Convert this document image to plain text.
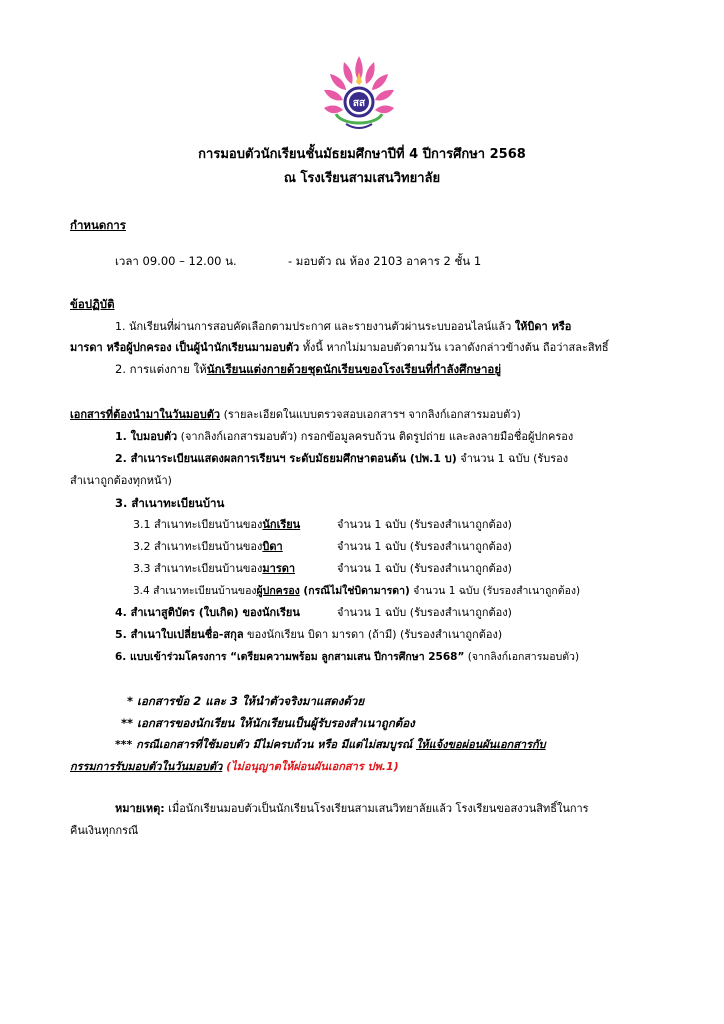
สส
การมอบตัวนักเรียนชั้นมัธยมศึกษาปีที่ 4 ปีการศึกษา 2568
ณ โรงเรียนสามเสนวิทยาลัย
กำหนดการ
เวลา 09.00 – 12.00 น.	- มอบตัว ณ ห้อง 2103 อาคาร 2 ชั้น 1
ข้อปฏิบัติ
1. นักเรียนที่ผ่านการสอบคัดเลือกตามประกาศ และรายงานตัวผ่านระบบออนไลน์แล้ว ให้บิดา หรือ
มารดา หรือผู้ปกครอง เป็นผู้นำนักเรียนมามอบตัว ทั้งนี้ หากไม่มามอบตัวตามวัน เวลาดังกล่าวข้างต้น ถือว่าสละสิทธิ์
2. การแต่งกาย ให้นักเรียนแต่งกายด้วยชุดนักเรียนของโรงเรียนที่กำลังศึกษาอยู่
เอกสารที่ต้องนำมาในวันมอบตัว (รายละเอียดในแบบตรวจสอบเอกสารฯ จากลิงก์เอกสารมอบตัว)
1. ใบมอบตัว (จากลิงก์เอกสารมอบตัว) กรอกข้อมูลครบถ้วน ติดรูปถ่าย และลงลายมือชื่อผู้ปกครอง
2. สำเนาระเบียนแสดงผลการเรียนฯ ระดับมัธยมศึกษาตอนต้น (ปพ.1 บ) จำนวน 1 ฉบับ (รับรอง
สำเนาถูกต้องทุกหน้า)
3. สำเนาทะเบียนบ้าน
3.1 สำเนาทะเบียนบ้านของนักเรียน	จำนวน 1 ฉบับ (รับรองสำเนาถูกต้อง)
3.2 สำเนาทะเบียนบ้านของบิดา	จำนวน 1 ฉบับ (รับรองสำเนาถูกต้อง)
3.3 สำเนาทะเบียนบ้านของมารดา	จำนวน 1 ฉบับ (รับรองสำเนาถูกต้อง)
3.4 สำเนาทะเบียนบ้านของผู้ปกครอง (กรณีไม่ใช่บิดามารดา) จำนวน 1 ฉบับ (รับรองสำเนาถูกต้อง)
4. สำเนาสูติบัตร (ใบเกิด) ของนักเรียน	จำนวน 1 ฉบับ (รับรองสำเนาถูกต้อง)
5. สำเนาใบเปลี่ยนชื่อ-สกุล ของนักเรียน บิดา มารดา (ถ้ามี) (รับรองสำเนาถูกต้อง)
6. แบบเข้าร่วมโครงการ “เตรียมความพร้อม ลูกสามเสน ปีการศึกษา 2568” (จากลิงก์เอกสารมอบตัว)
* เอกสารข้อ 2 และ 3 ให้นำตัวจริงมาแสดงด้วย
** เอกสารของนักเรียน ให้นักเรียนเป็นผู้รับรองสำเนาถูกต้อง
*** กรณีเอกสารที่ใช้มอบตัว มีไม่ครบถ้วน หรือ มีแต่ไม่สมบูรณ์ ให้แจ้งขอผ่อนผันเอกสารกับ
กรรมการรับมอบตัวในวันมอบตัว (ไม่อนุญาตให้ผ่อนผันเอกสาร ปพ.1)
หมายเหตุ: เมื่อนักเรียนมอบตัวเป็นนักเรียนโรงเรียนสามเสนวิทยาลัยแล้ว โรงเรียนขอสงวนสิทธิ์ในการ
คืนเงินทุกกรณี
